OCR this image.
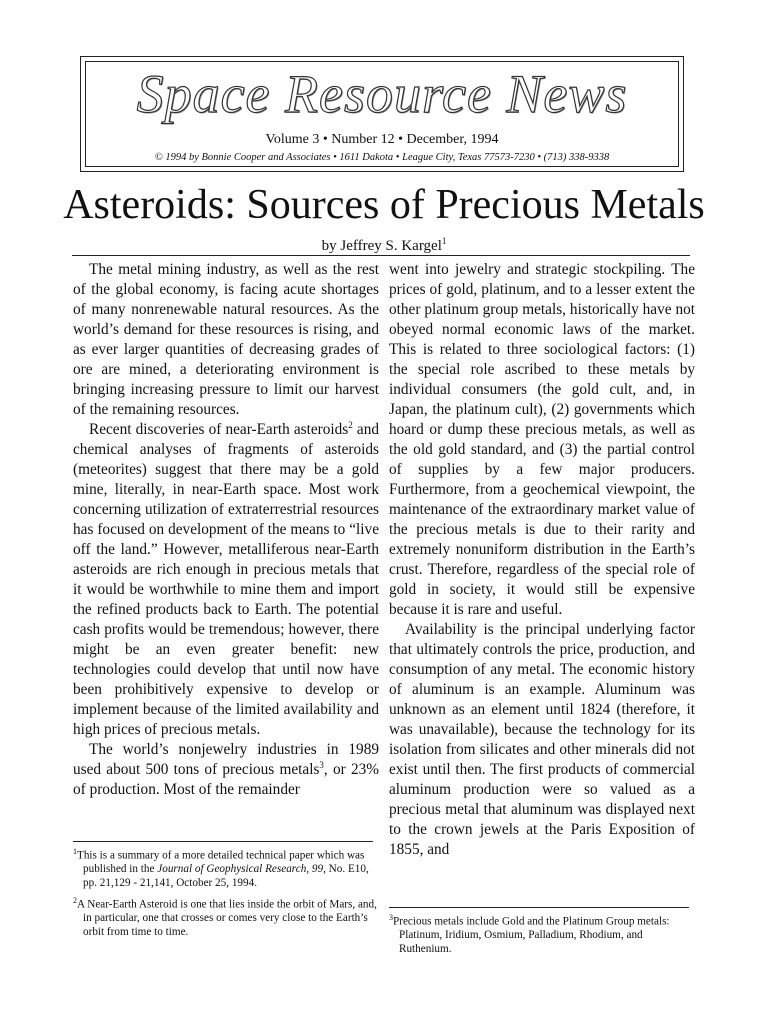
Space Resource News
Volume 3 • Number 12 • December, 1994
© 1994 by Bonnie Cooper and Associates • 1611 Dakota • League City, Texas 77573-7230 • (713) 338-9338
Asteroids: Sources of Precious Metals
by Jeffrey S. Kargel$^1$

The metal mining industry, as well as the rest of the global economy, is facing acute shortages of many nonrenewable natural resources. As the world’s demand for these resources is rising, and as ever larger quantities of decreasing grades of ore are mined, a deteriorating environment is bringing increasing pressure to limit our harvest of the remaining resources.

Recent discoveries of near-Earth asteroids$^2$ and chemical analyses of fragments of asteroids (meteorites) suggest that there may be a gold mine, literally, in near-Earth space. Most work concerning utilization of extraterrestrial resources has focused on development of the means to “live off the land.” However, metalliferous near-Earth asteroids are rich enough in precious metals that it would be worthwhile to mine them and import the refined products back to Earth. The potential cash profits would be tremendous; however, there might be an even greater benefit: new technologies could develop that until now have been prohibitively expensive to develop or implement because of the limited availability and high prices of precious metals.

The world’s nonjewelry industries in 1989 used about 500 tons of precious metals$^3$, or 23% of production. Most of the remainder

went into jewelry and strategic stockpiling. The prices of gold, platinum, and to a lesser extent the other platinum group metals, historically have not obeyed normal economic laws of the market. This is related to three sociological factors: (1) the special role ascribed to these metals by individual consumers (the gold cult, and, in Japan, the platinum cult), (2) governments which hoard or dump these precious metals, as well as the old gold standard, and (3) the partial control of supplies by a few major producers. Furthermore, from a geochemical viewpoint, the maintenance of the extraordinary market value of the precious metals is due to their rarity and extremely nonuniform distribution in the Earth’s crust. Therefore, regardless of the special role of gold in society, it would still be expensive because it is rare and useful.

Availability is the principal underlying factor that ultimately controls the price, production, and consumption of any metal. The economic history of aluminum is an example. Aluminum was unknown as an element until 1824 (therefore, it was unavailable), because the technology for its isolation from silicates and other minerals did not exist until then. The first products of commercial aluminum production were so valued as a precious metal that aluminum was displayed next to the crown jewels at the Paris Exposition of 1855, and

$^1$This is a summary of a more detailed technical paper which was published in the Journal of Geophysical Research, 99, No. E10, pp. 21,129 - 21,141, October 25, 1994.

$^2$A Near-Earth Asteroid is one that lies inside the orbit of Mars, and, in particular, one that crosses or comes very close to the Earth’s orbit from time to time.

$^3$Precious metals include Gold and the Platinum Group metals: Platinum, Iridium, Osmium, Palladium, Rhodium, and Ruthenium.
